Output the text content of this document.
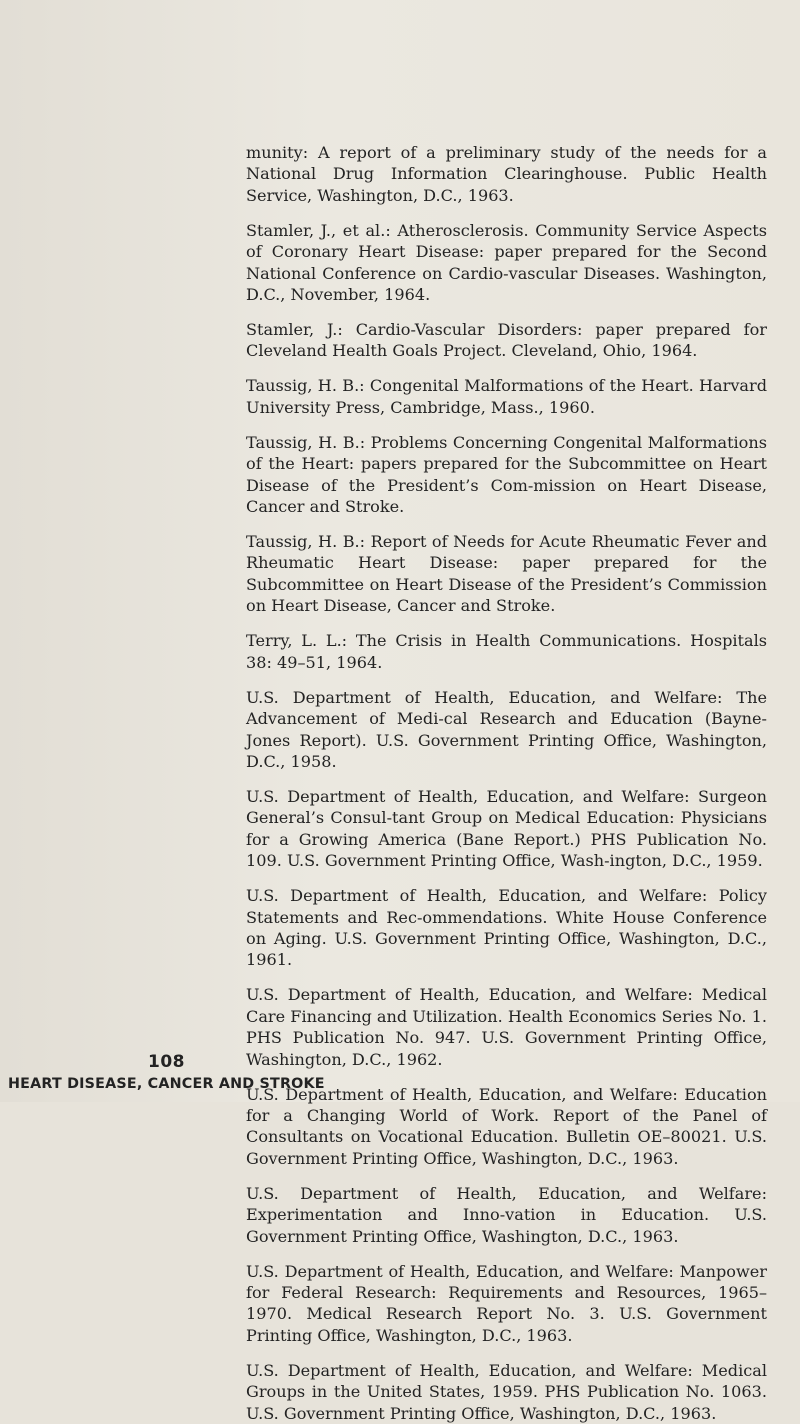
munity: A report of a preliminary study of the needs for a National Drug Information Clearinghouse. Public Health Service, Washington, D.C., 1963.

Stamler, J., et al.: Atherosclerosis. Community Service Aspects of Coronary Heart Disease: paper prepared for the Second National Conference on Cardio-vascular Diseases. Washington, D.C., November, 1964.

Stamler, J.: Cardio-Vascular Disorders: paper prepared for Cleveland Health Goals Project. Cleveland, Ohio, 1964.

Taussig, H. B.: Congenital Malformations of the Heart. Harvard University Press, Cambridge, Mass., 1960.

Taussig, H. B.: Problems Concerning Congenital Malformations of the Heart: papers prepared for the Subcommittee on Heart Disease of the President’s Com-mission on Heart Disease, Cancer and Stroke.

Taussig, H. B.: Report of Needs for Acute Rheumatic Fever and Rheumatic Heart Disease: paper prepared for the Subcommittee on Heart Disease of the President’s Commission on Heart Disease, Cancer and Stroke.

Terry, L. L.: The Crisis in Health Communications. Hospitals 38: 49–51, 1964.

U.S. Department of Health, Education, and Welfare: The Advancement of Medi-cal Research and Education (Bayne-Jones Report). U.S. Government Printing Office, Washington, D.C., 1958.

U.S. Department of Health, Education, and Welfare: Surgeon General’s Consul-tant Group on Medical Education: Physicians for a Growing America (Bane Report.) PHS Publication No. 109. U.S. Government Printing Office, Wash-ington, D.C., 1959.

U.S. Department of Health, Education, and Welfare: Policy Statements and Rec-ommendations. White House Conference on Aging. U.S. Government Printing Office, Washington, D.C., 1961.

U.S. Department of Health, Education, and Welfare: Medical Care Financing and Utilization. Health Economics Series No. 1. PHS Publication No. 947. U.S. Government Printing Office, Washington, D.C., 1962.

U.S. Department of Health, Education, and Welfare: Education for a Changing World of Work. Report of the Panel of Consultants on Vocational Education. Bulletin OE–80021. U.S. Government Printing Office, Washington, D.C., 1963.

U.S. Department of Health, Education, and Welfare: Experimentation and Inno-vation in Education. U.S. Government Printing Office, Washington, D.C., 1963.

U.S. Department of Health, Education, and Welfare: Manpower for Federal Research: Requirements and Resources, 1965–1970. Medical Research Report No. 3. U.S. Government Printing Office, Washington, D.C., 1963.

U.S. Department of Health, Education, and Welfare: Medical Groups in the United States, 1959. PHS Publication No. 1063. U.S. Government Printing Office, Washington, D.C., 1963.

108
HEART DISEASE, CANCER AND STROKE
